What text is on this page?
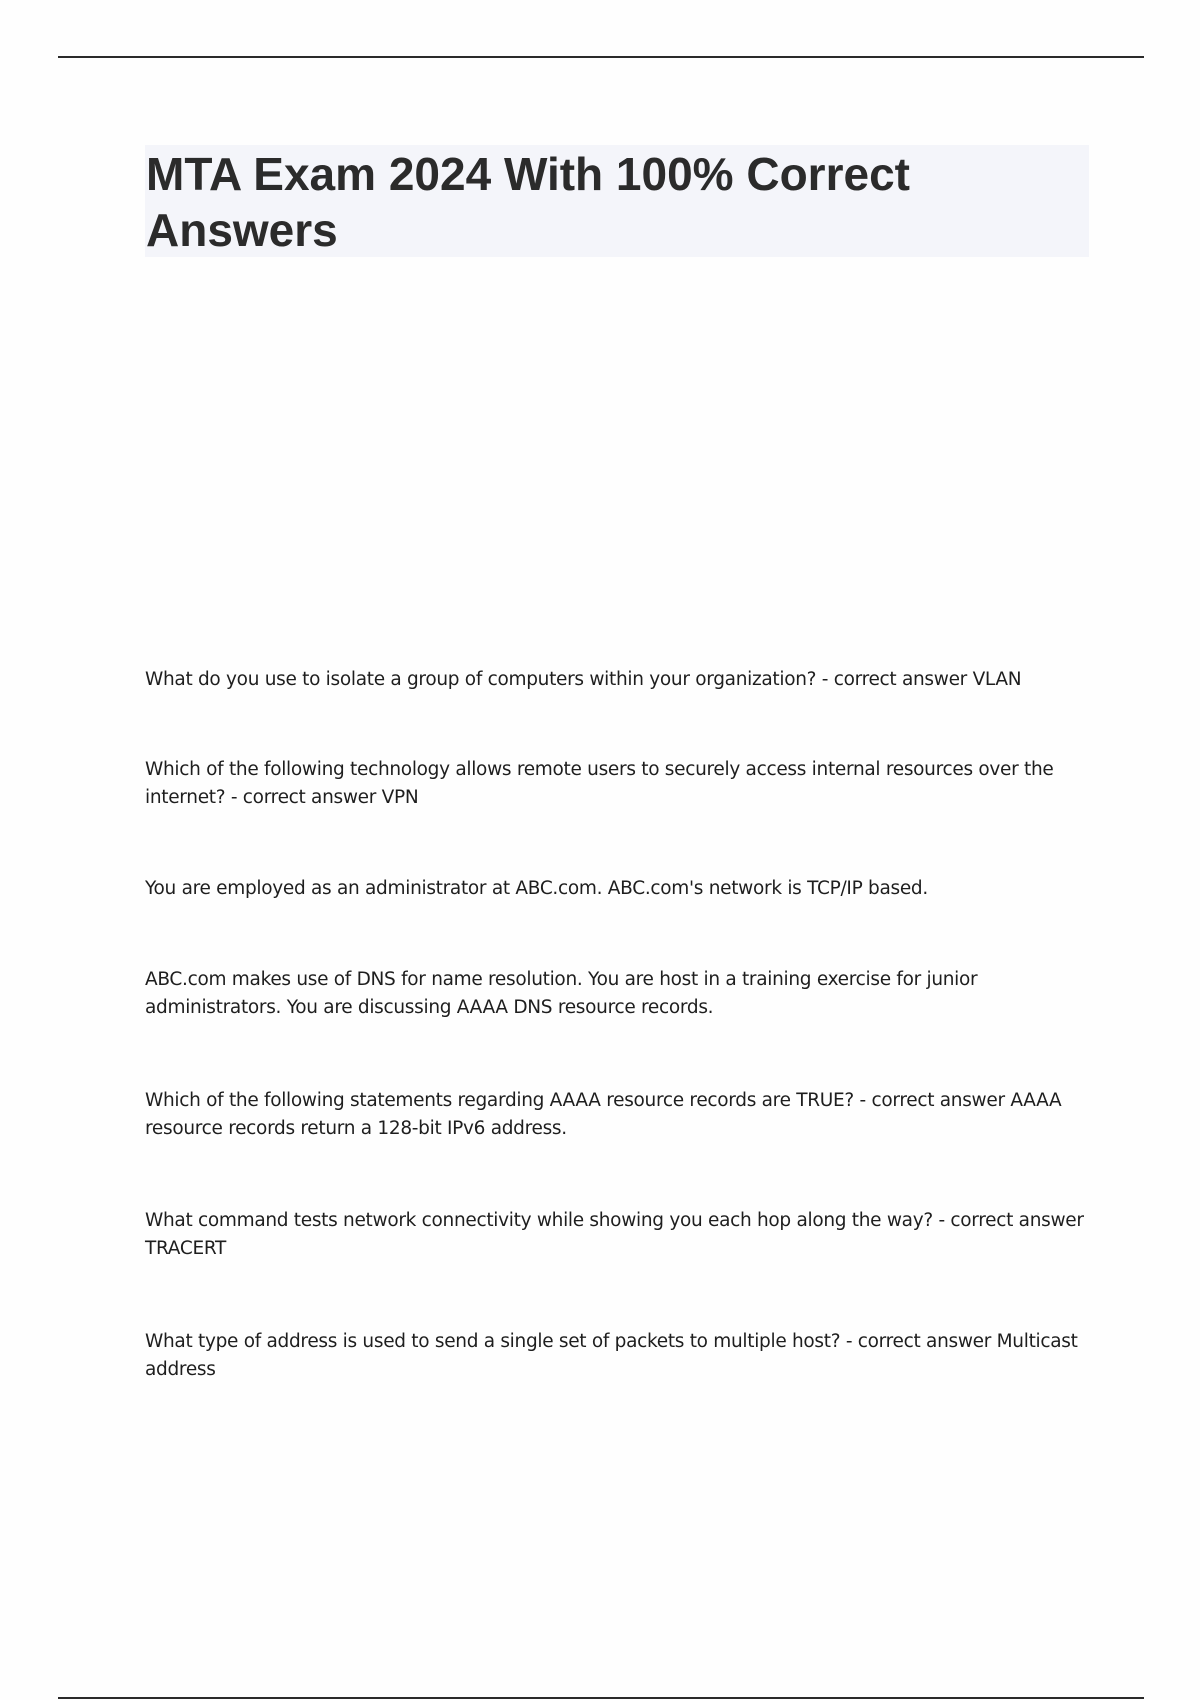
MTA Exam 2024 With 100% Correct Answers

What do you use to isolate a group of computers within your organization? - correct answer VLAN

Which of the following technology allows remote users to securely access internal resources over the internet? - correct answer VPN

You are employed as an administrator at ABC.com. ABC.com's network is TCP/IP based.

ABC.com makes use of DNS for name resolution. You are host in a training exercise for junior administrators. You are discussing AAAA DNS resource records.

Which of the following statements regarding AAAA resource records are TRUE? - correct answer AAAA resource records return a 128-bit IPv6 address.

What command tests network connectivity while showing you each hop along the way? - correct answer TRACERT

What type of address is used to send a single set of packets to multiple host? - correct answer Multicast address
